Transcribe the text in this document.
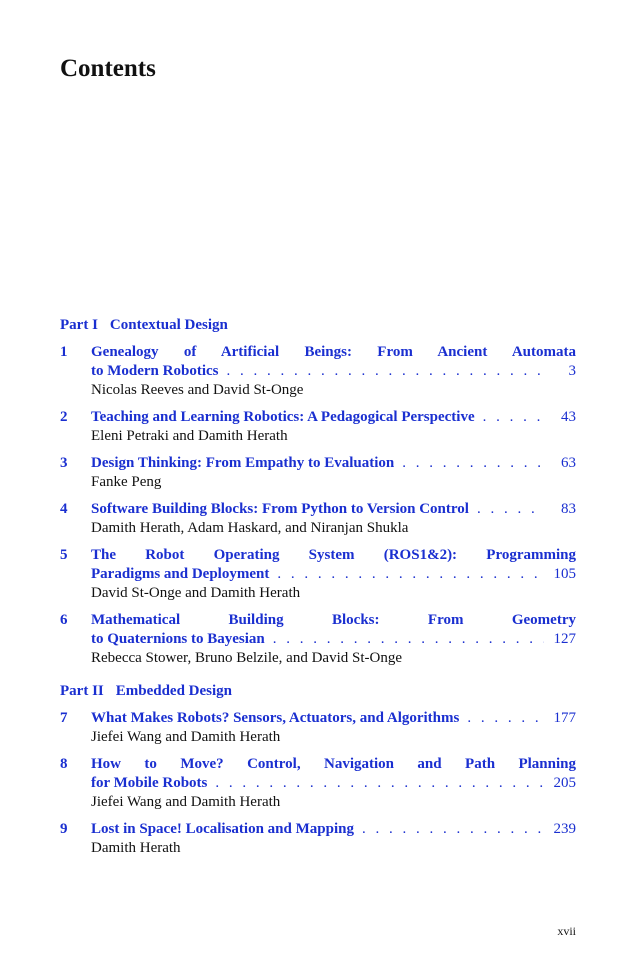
Contents
Part I Contextual Design
1	Genealogy of Artificial Beings: From Ancient Automata
to Modern Robotics . . .	3
Nicolas Reeves and David St-Onge
2	Teaching and Learning Robotics: A Pedagogical Perspective . . .	43
Eleni Petraki and Damith Herath
3	Design Thinking: From Empathy to Evaluation . . .	63
Fanke Peng
4	Software Building Blocks: From Python to Version Control . . .	83
Damith Herath, Adam Haskard, and Niranjan Shukla
5	The Robot Operating System (ROS1&2): Programming
Paradigms and Deployment . . .	105
David St-Onge and Damith Herath
6	Mathematical Building Blocks: From Geometry
to Quaternions to Bayesian . . .	127
Rebecca Stower, Bruno Belzile, and David St-Onge
Part II Embedded Design
7	What Makes Robots? Sensors, Actuators, and Algorithms . . .	177
Jiefei Wang and Damith Herath
8	How to Move? Control, Navigation and Path Planning
for Mobile Robots . . .	205
Jiefei Wang and Damith Herath
9	Lost in Space! Localisation and Mapping . . .	239
Damith Herath
xvii
